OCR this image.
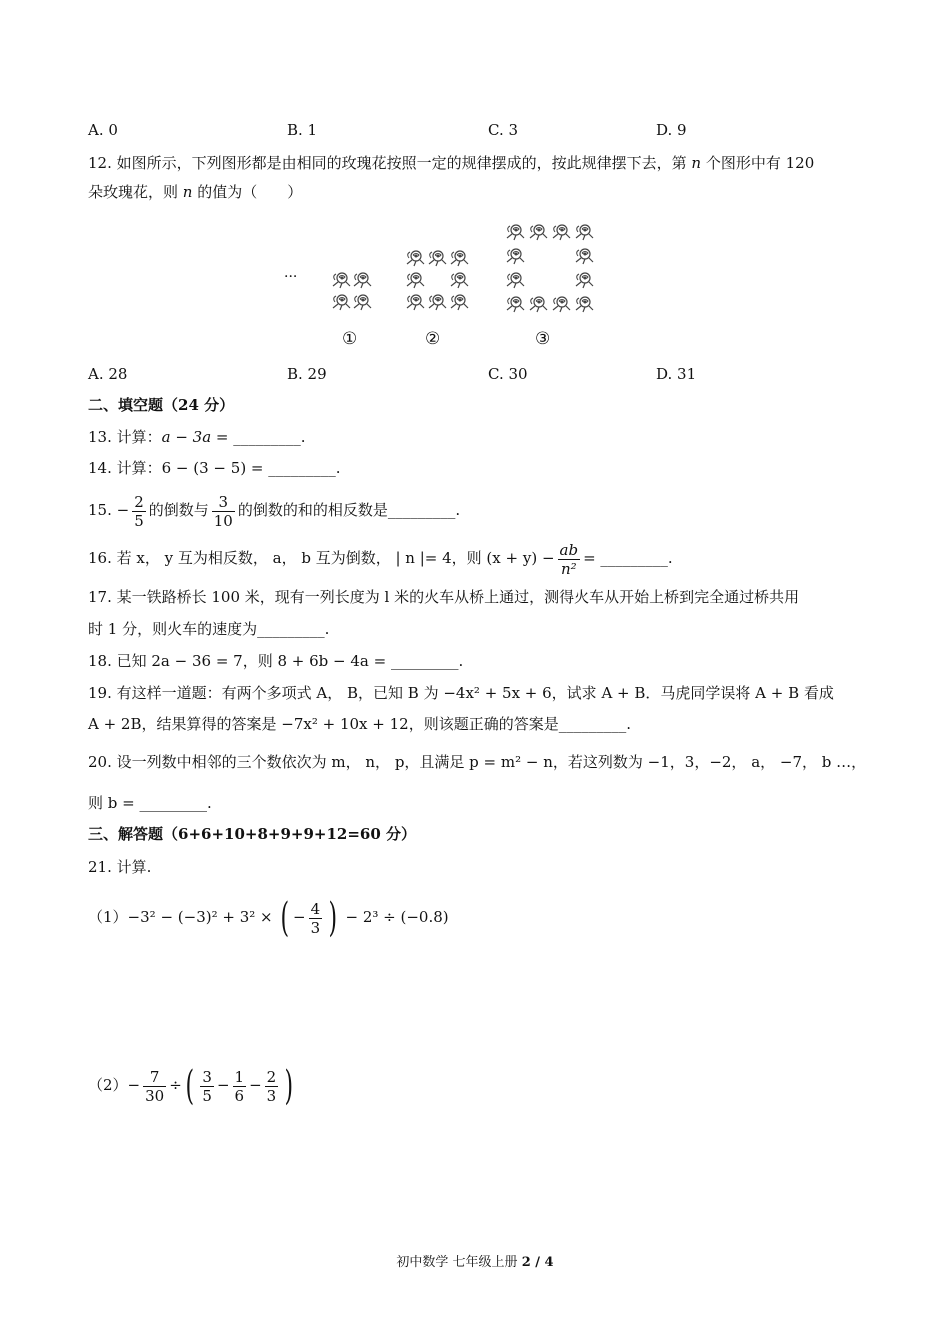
A. 0	B. 1	C. 3	D. 9
12. 如图所示，下列图形都是由相同的玫瑰花按照一定的规律摆成的，按此规律摆下去，第 n 个图形中有 120
朵玫瑰花，则 n 的值为（　　）
···
①	②	③
A. 28	B. 29	C. 30	D. 31
二、填空题（24 分）
13. 计算：a − 3a = _________.
14. 计算：6 − (3 − 5) = _________.
15. − $\frac{2}{5}$ 的倒数与 $\frac{3}{10}$ 的倒数的和的相反数是_________.
16. 若 x， y 互为相反数， a， b 互为倒数， | n |= 4，则 $(x + y) - \frac{ab}{\text{n²}}$ = _________.
17. 某一铁路桥长 100 米，现有一列长度为 l 米的火车从桥上通过，测得火车从开始上桥到完全通过桥共用
时 1 分，则火车的速度为_________.
18. 已知 2a − 36 = 7，则 8 + 6b − 4a = _________.
19. 有这样一道题：有两个多项式 A， B，已知 B 为 −4x² + 5x + 6，试求 A + B．马虎同学误将 A + B 看成
A + 2B，结果算得的答案是 −7x² + 10x + 12，则该题正确的答案是_________.
20. 设一列数中相邻的三个数依次为 m， n， p，且满足 p = m² − n，若这列数为 −1，3，−2， a， −7， b …，
则 b = _________.
三、解答题（6+6+10+8+9+9+12=60 分）
21. 计算.
（1）−3² − (−3)² + 3² × ( − $\frac{4}{3}$ ) − 2³ ÷ (−0.8)
$(2)- \frac{7}{30}$ ÷( $\frac{3}{5} - \frac{1}{6} - \frac{2}{3}$ )
初中数学 七年级上册 2 / 4
